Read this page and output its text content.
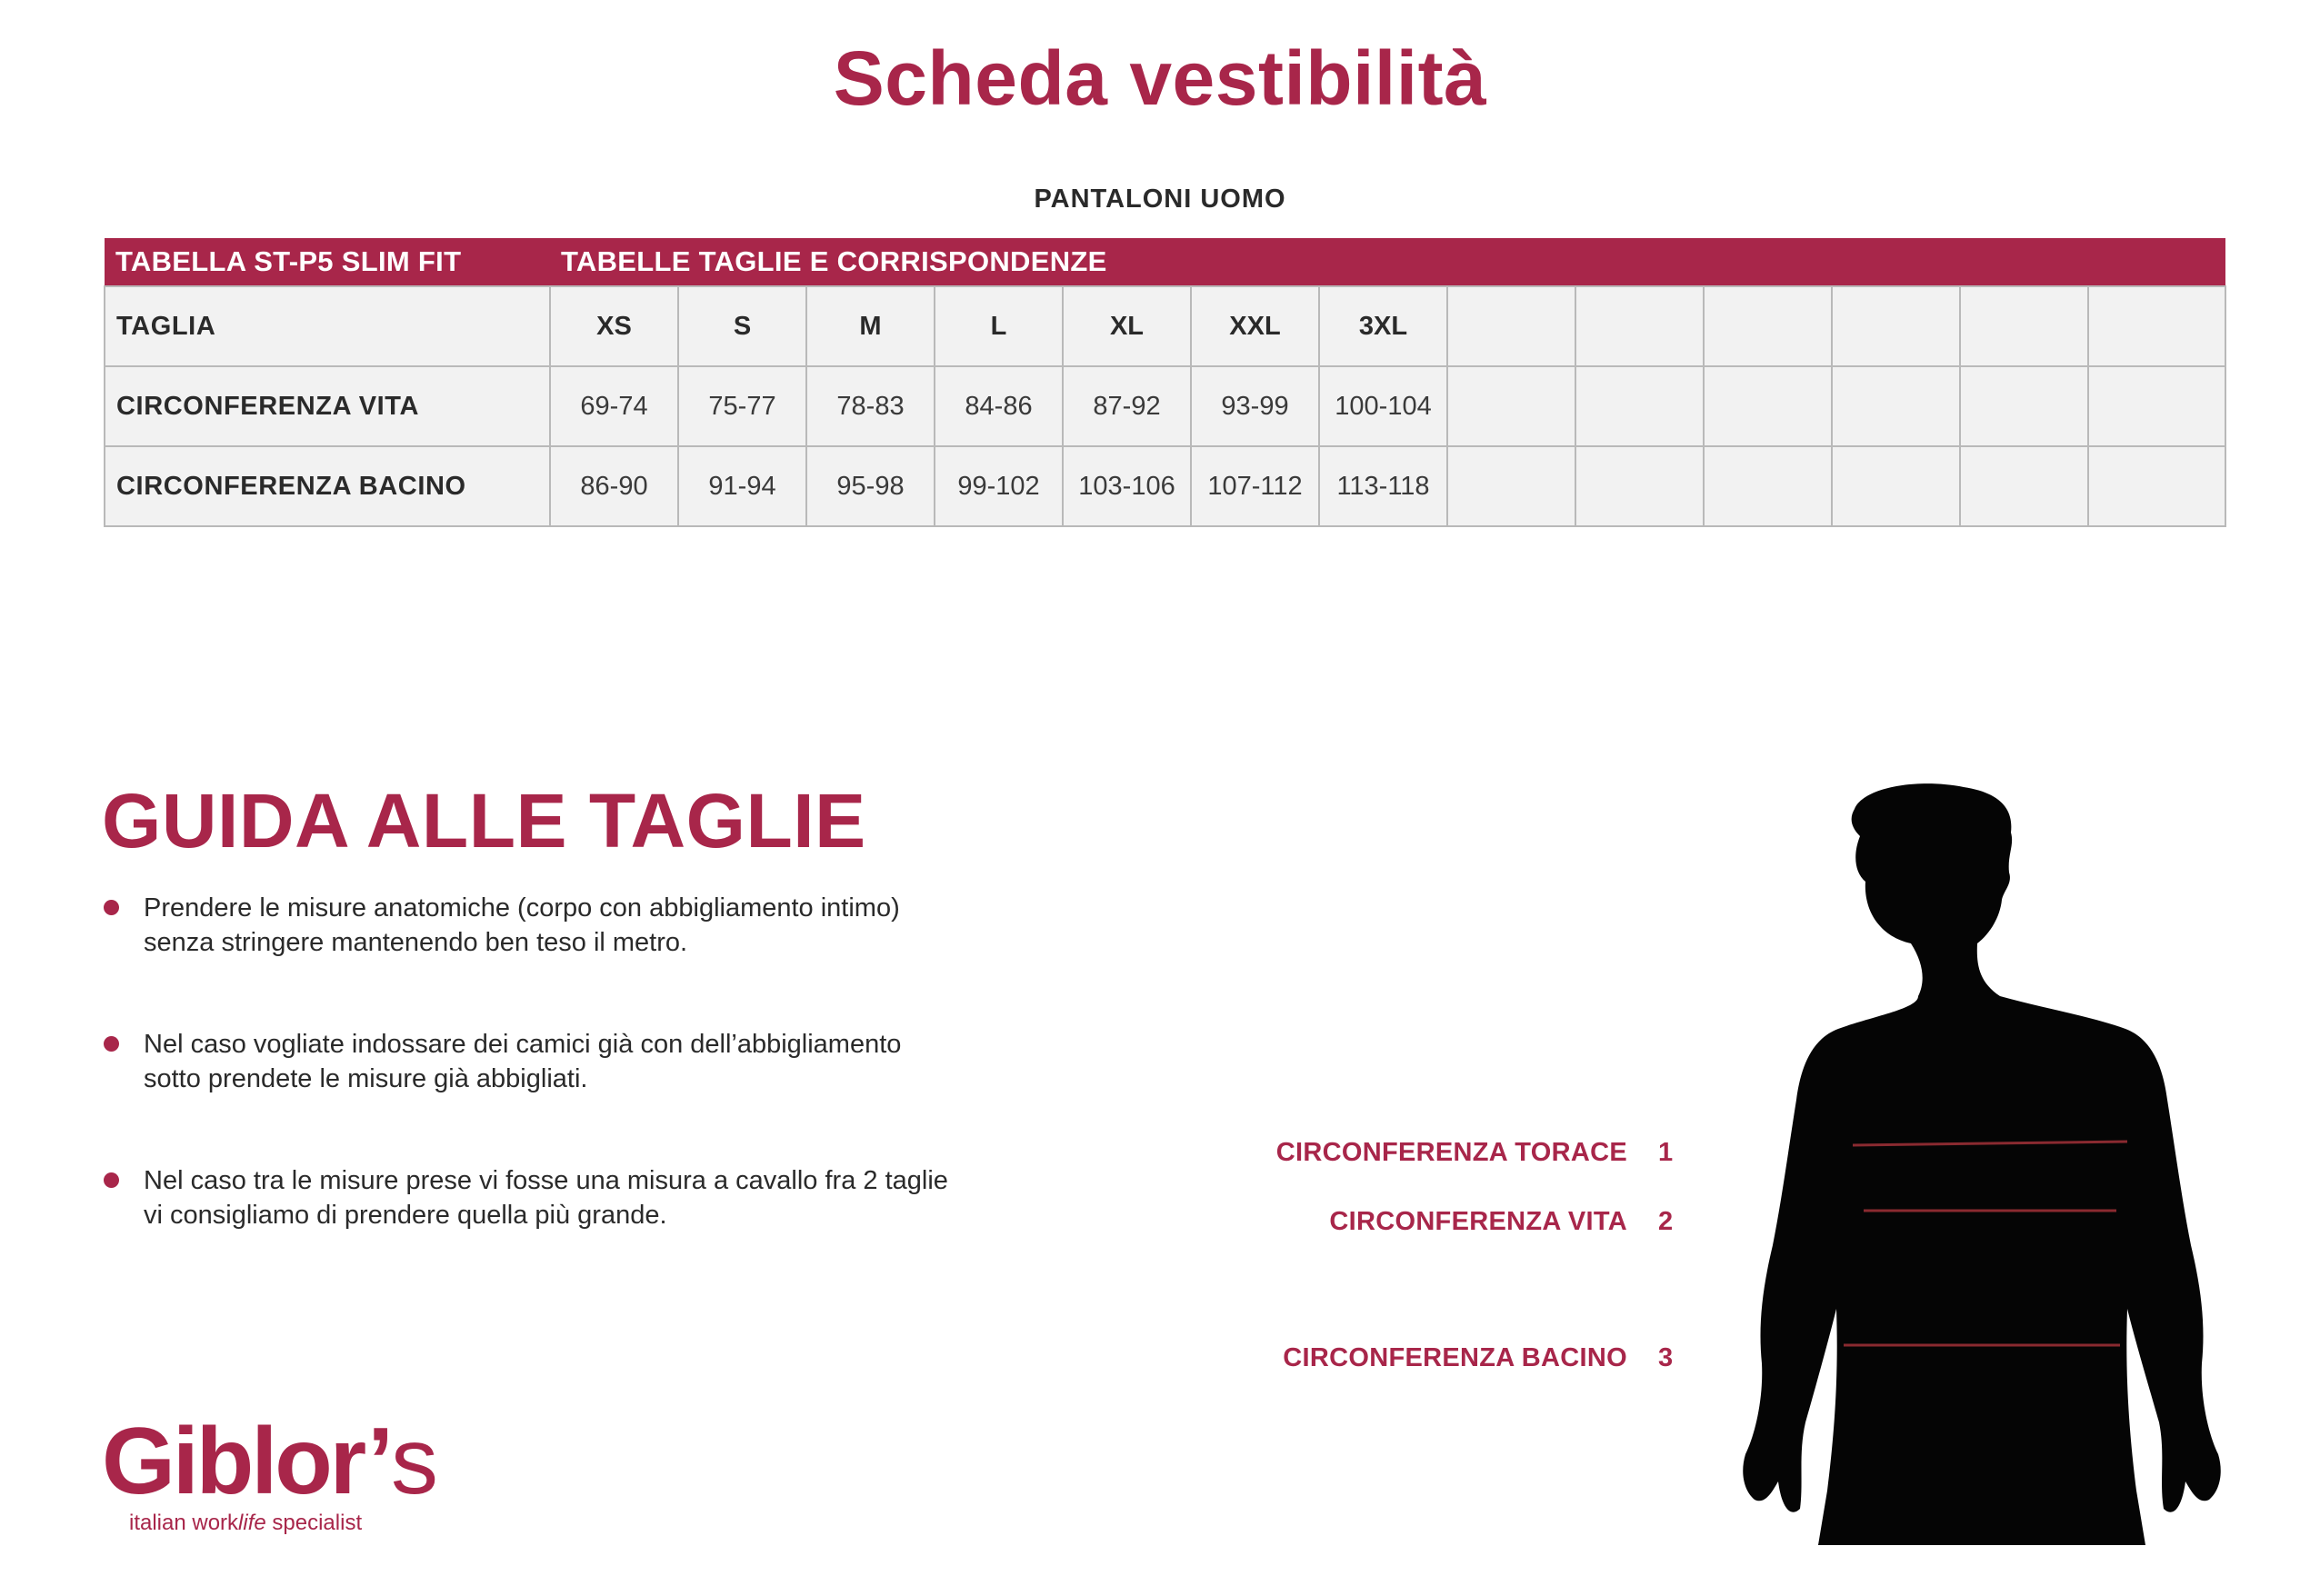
Scheda vestibilità
PANTALONI UOMO
TABELLA ST-P5 SLIM FIT	TABELLE TAGLIE E CORRISPONDENZE												
TAGLIA	XS	S	M	L	XL	XXL	3XL						
CIRCONFERENZA VITA	69-74	75-77	78-83	84-86	87-92	93-99	100-104						
CIRCONFERENZA BACINO	86-90	91-94	95-98	99-102	103-106	107-112	113-118						
GUIDA ALLE TAGLIE
Prendere le misure anatomiche (corpo con abbigliamento intimo)
senza stringere mantenendo ben teso il metro.
Nel caso vogliate indossare dei camici già con dell’abbigliamento
sotto prendete le misure già abbigliati.
Nel caso tra le misure prese vi fosse una misura a cavallo fra 2 taglie
vi consigliamo di prendere quella più grande.
CIRCONFERENZA TORACE 1
CIRCONFERENZA VITA 2
CIRCONFERENZA BACINO 3
Giblor’s
italian worklife specialist
